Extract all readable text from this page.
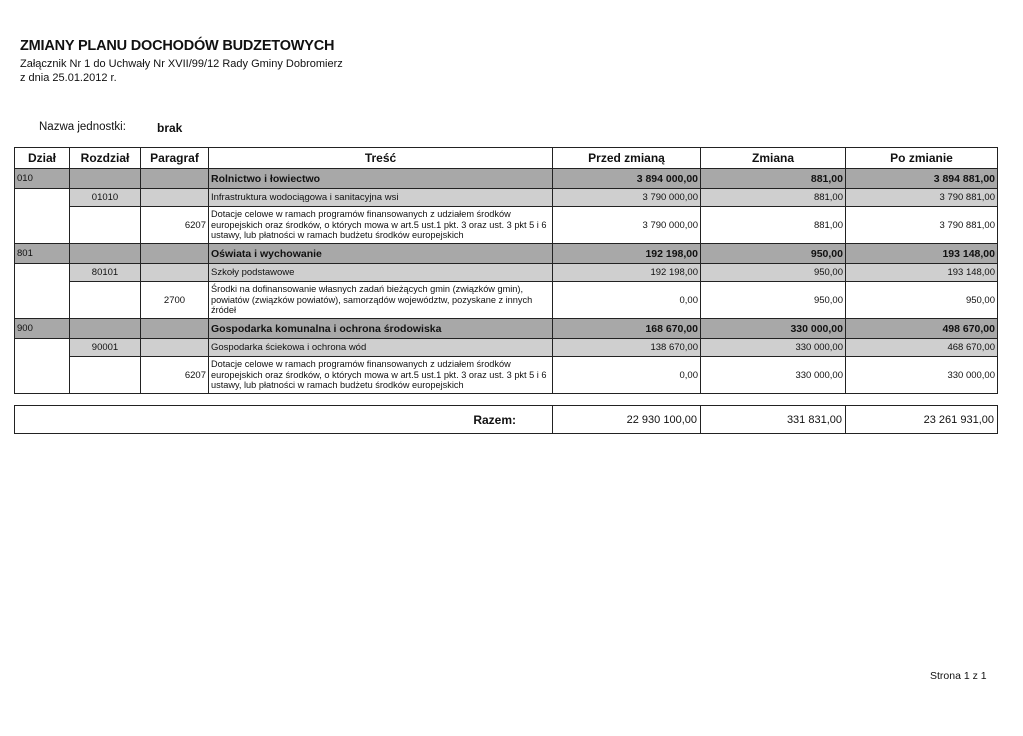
ZMIANY PLANU DOCHODÓW BUDZETOWYCH
Załącznik Nr 1 do Uchwały Nr XVII/99/12 Rady Gminy Dobromierz
z dnia 25.01.2012 r.
Nazwa jednostki:	brak
Dział	Rozdział	Paragraf	Treść	Przed zmianą	Zmiana	Po zmianie
010			Rolnictwo i łowiectwo	3 894 000,00	881,00	3 894 881,00
	01010		Infrastruktura wodociągowa i sanitacyjna wsi	3 790 000,00	881,00	3 790 881,00
		6207	Dotacje celowe w ramach programów finansowanych z udziałem środków europejskich oraz środków, o których mowa w art.5 ust.1 pkt. 3 oraz ust. 3 pkt 5 i 6 ustawy, lub płatności w ramach budżetu środków europejskich	3 790 000,00	881,00	3 790 881,00
801			Oświata i wychowanie	192 198,00	950,00	193 148,00
	80101		Szkoły podstawowe	192 198,00	950,00	193 148,00
		2700	Środki na dofinansowanie własnych zadań bieżących gmin (związków gmin), powiatów (związków powiatów), samorządów województw, pozyskane z innych źródeł	0,00	950,00	950,00
900			Gospodarka komunalna i ochrona środowiska	168 670,00	330 000,00	498 670,00
	90001		Gospodarka ściekowa i ochrona wód	138 670,00	330 000,00	468 670,00
		6207	Dotacje celowe w ramach programów finansowanych z udziałem środków europejskich oraz środków, o których mowa w art.5 ust.1 pkt. 3 oraz ust. 3 pkt 5 i 6 ustawy, lub płatności w ramach budżetu środków europejskich	0,00	330 000,00	330 000,00
Razem:	22 930 100,00	331 831,00	23 261 931,00
Strona 1 z 1
